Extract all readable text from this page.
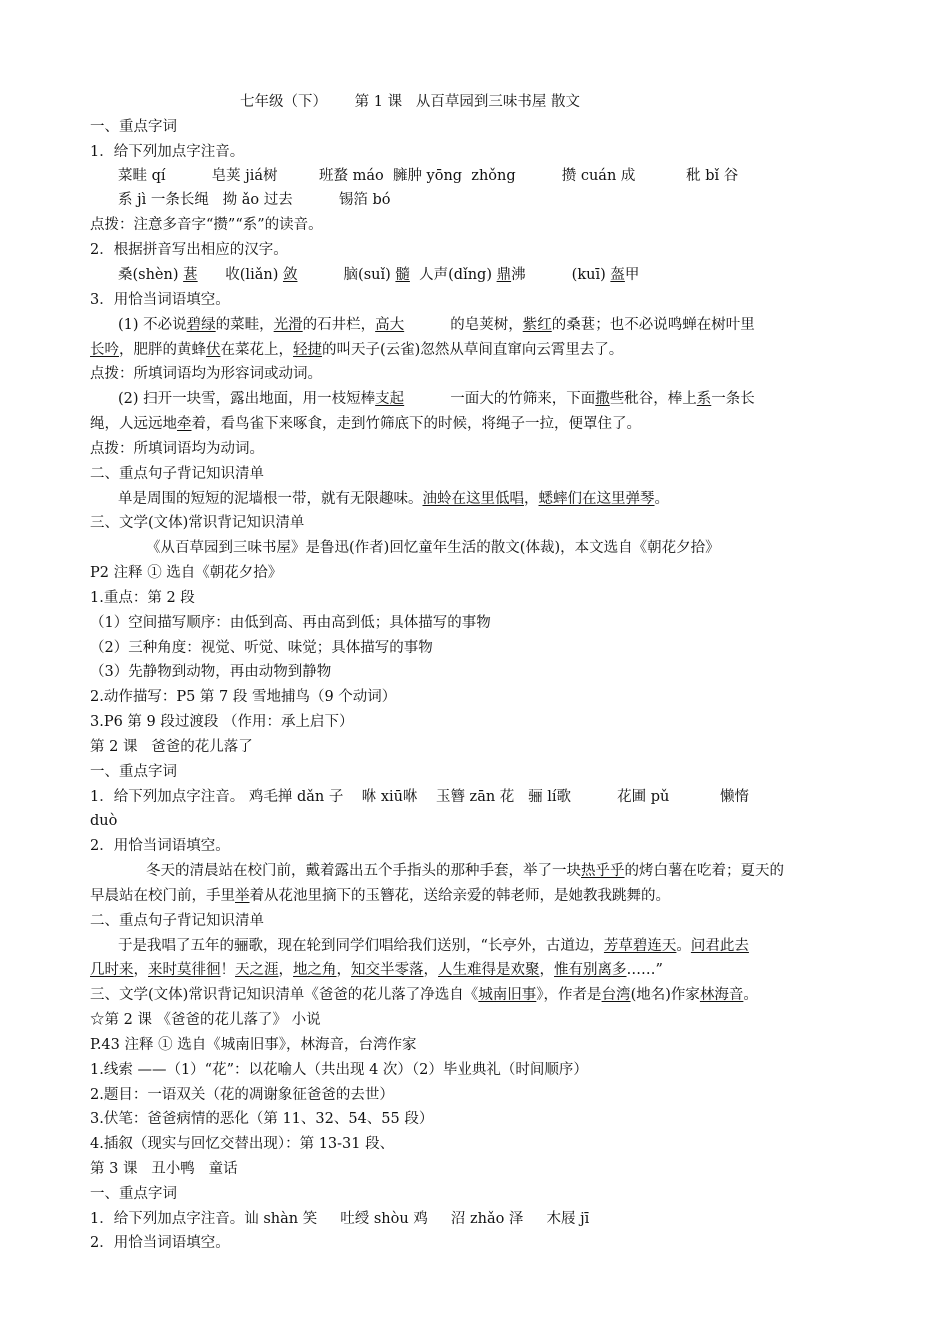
七年级（下）      第 1 课   从百草园到三味书屋 散文
一、重点字词
1．给下列加点字注音。
菜畦 qí          皂荚 jiá树         班蝥 máo  臃肿 yōng  zhǒng          攒 cuán 成           秕 bǐ 谷
系 jì 一条长绳   拗 ǎo 过去          锡箔 bó
点拨：注意多音字“攒”“系”的读音。
2．根据拼音写出相应的汉字。
桑(shèn) 葚      收(liǎn) 敛          脑(suǐ) 髓  人声(dǐng) 鼎沸          (kuī) 盔甲
3．用恰当词语填空。
(1) 不必说碧绿的菜畦，光滑的石井栏，高大          的皂荚树，紫红的桑葚；也不必说鸣蝉在树叶里
长吟，肥胖的黄蜂伏在菜花上，轻捷的叫天子(云雀)忽然从草间直窜向云霄里去了。
点拨：所填词语均为形容词或动词。
(2) 扫开一块雪，露出地面，用一枝短棒支起          一面大的竹筛来，下面撒些秕谷，棒上系一条长
绳，人远远地牵着，看鸟雀下来啄食，走到竹筛底下的时候，将绳子一拉，便罩住了。
点拨：所填词语均为动词。
二、重点句子背记知识清单
单是周围的短短的泥墙根一带，就有无限趣味。油蛉在这里低唱，蟋蟀们在这里弹琴。
三、文学(文体)常识背记知识清单
《从百草园到三味书屋》是鲁迅(作者)回忆童年生活的散文(体裁)，本文选自《朝花夕拾》
P2 注释 ① 选自《朝花夕拾》
1.重点：第 2 段
（1）空间描写顺序：由低到高、再由高到低；具体描写的事物
（2）三种角度：视觉、听觉、味觉；具体描写的事物
（3）先静物到动物，再由动物到静物
2.动作描写：P5 第 7 段 雪地捕鸟（9 个动词）
3.P6 第 9 段过渡段 （作用：承上启下）
第 2 课   爸爸的花儿落了
一、重点字词
1．给下列加点字注音。 鸡毛掸 dǎn 子    咻 xiū咻    玉簪 zān 花   骊 lí歌          花圃 pǔ           懒惰
duò
2．用恰当词语填空。
冬天的清晨站在校门前，戴着露出五个手指头的那种手套，举了一块热乎乎的烤白薯在吃着；夏天的
早晨站在校门前，手里举着从花池里摘下的玉簪花，送给亲爱的韩老师，是她教我跳舞的。
二、重点句子背记知识清单
于是我唱了五年的骊歌，现在轮到同学们唱给我们送别，“长亭外，古道边，芳草碧连天。问君此去
几时来，来时莫徘徊！天之涯，地之角，知交半零落，人生难得是欢聚，惟有别离多……”
三、文学(文体)常识背记知识清单《爸爸的花儿落了净选自《城南旧事》，作者是台湾(地名)作家林海音。
☆第 2 课 《爸爸的花儿落了》 小说
P.43 注释 ① 选自《城南旧事》，林海音，台湾作家
1.线索 ——（1）“花”：以花喻人（共出现 4 次）（2）毕业典礼（时间顺序）
2.题目：一语双关（花的凋谢象征爸爸的去世）
3.伏笔：爸爸病情的恶化（第 11、32、54、55 段）
4.插叙（现实与回忆交替出现）：第 13-31 段、
第 3 课   丑小鸭   童话
一、重点字词
1．给下列加点字注音。讪 shàn 笑     吐绶 shòu 鸡     沼 zhǎo 泽     木屐 jī
2．用恰当词语填空。
